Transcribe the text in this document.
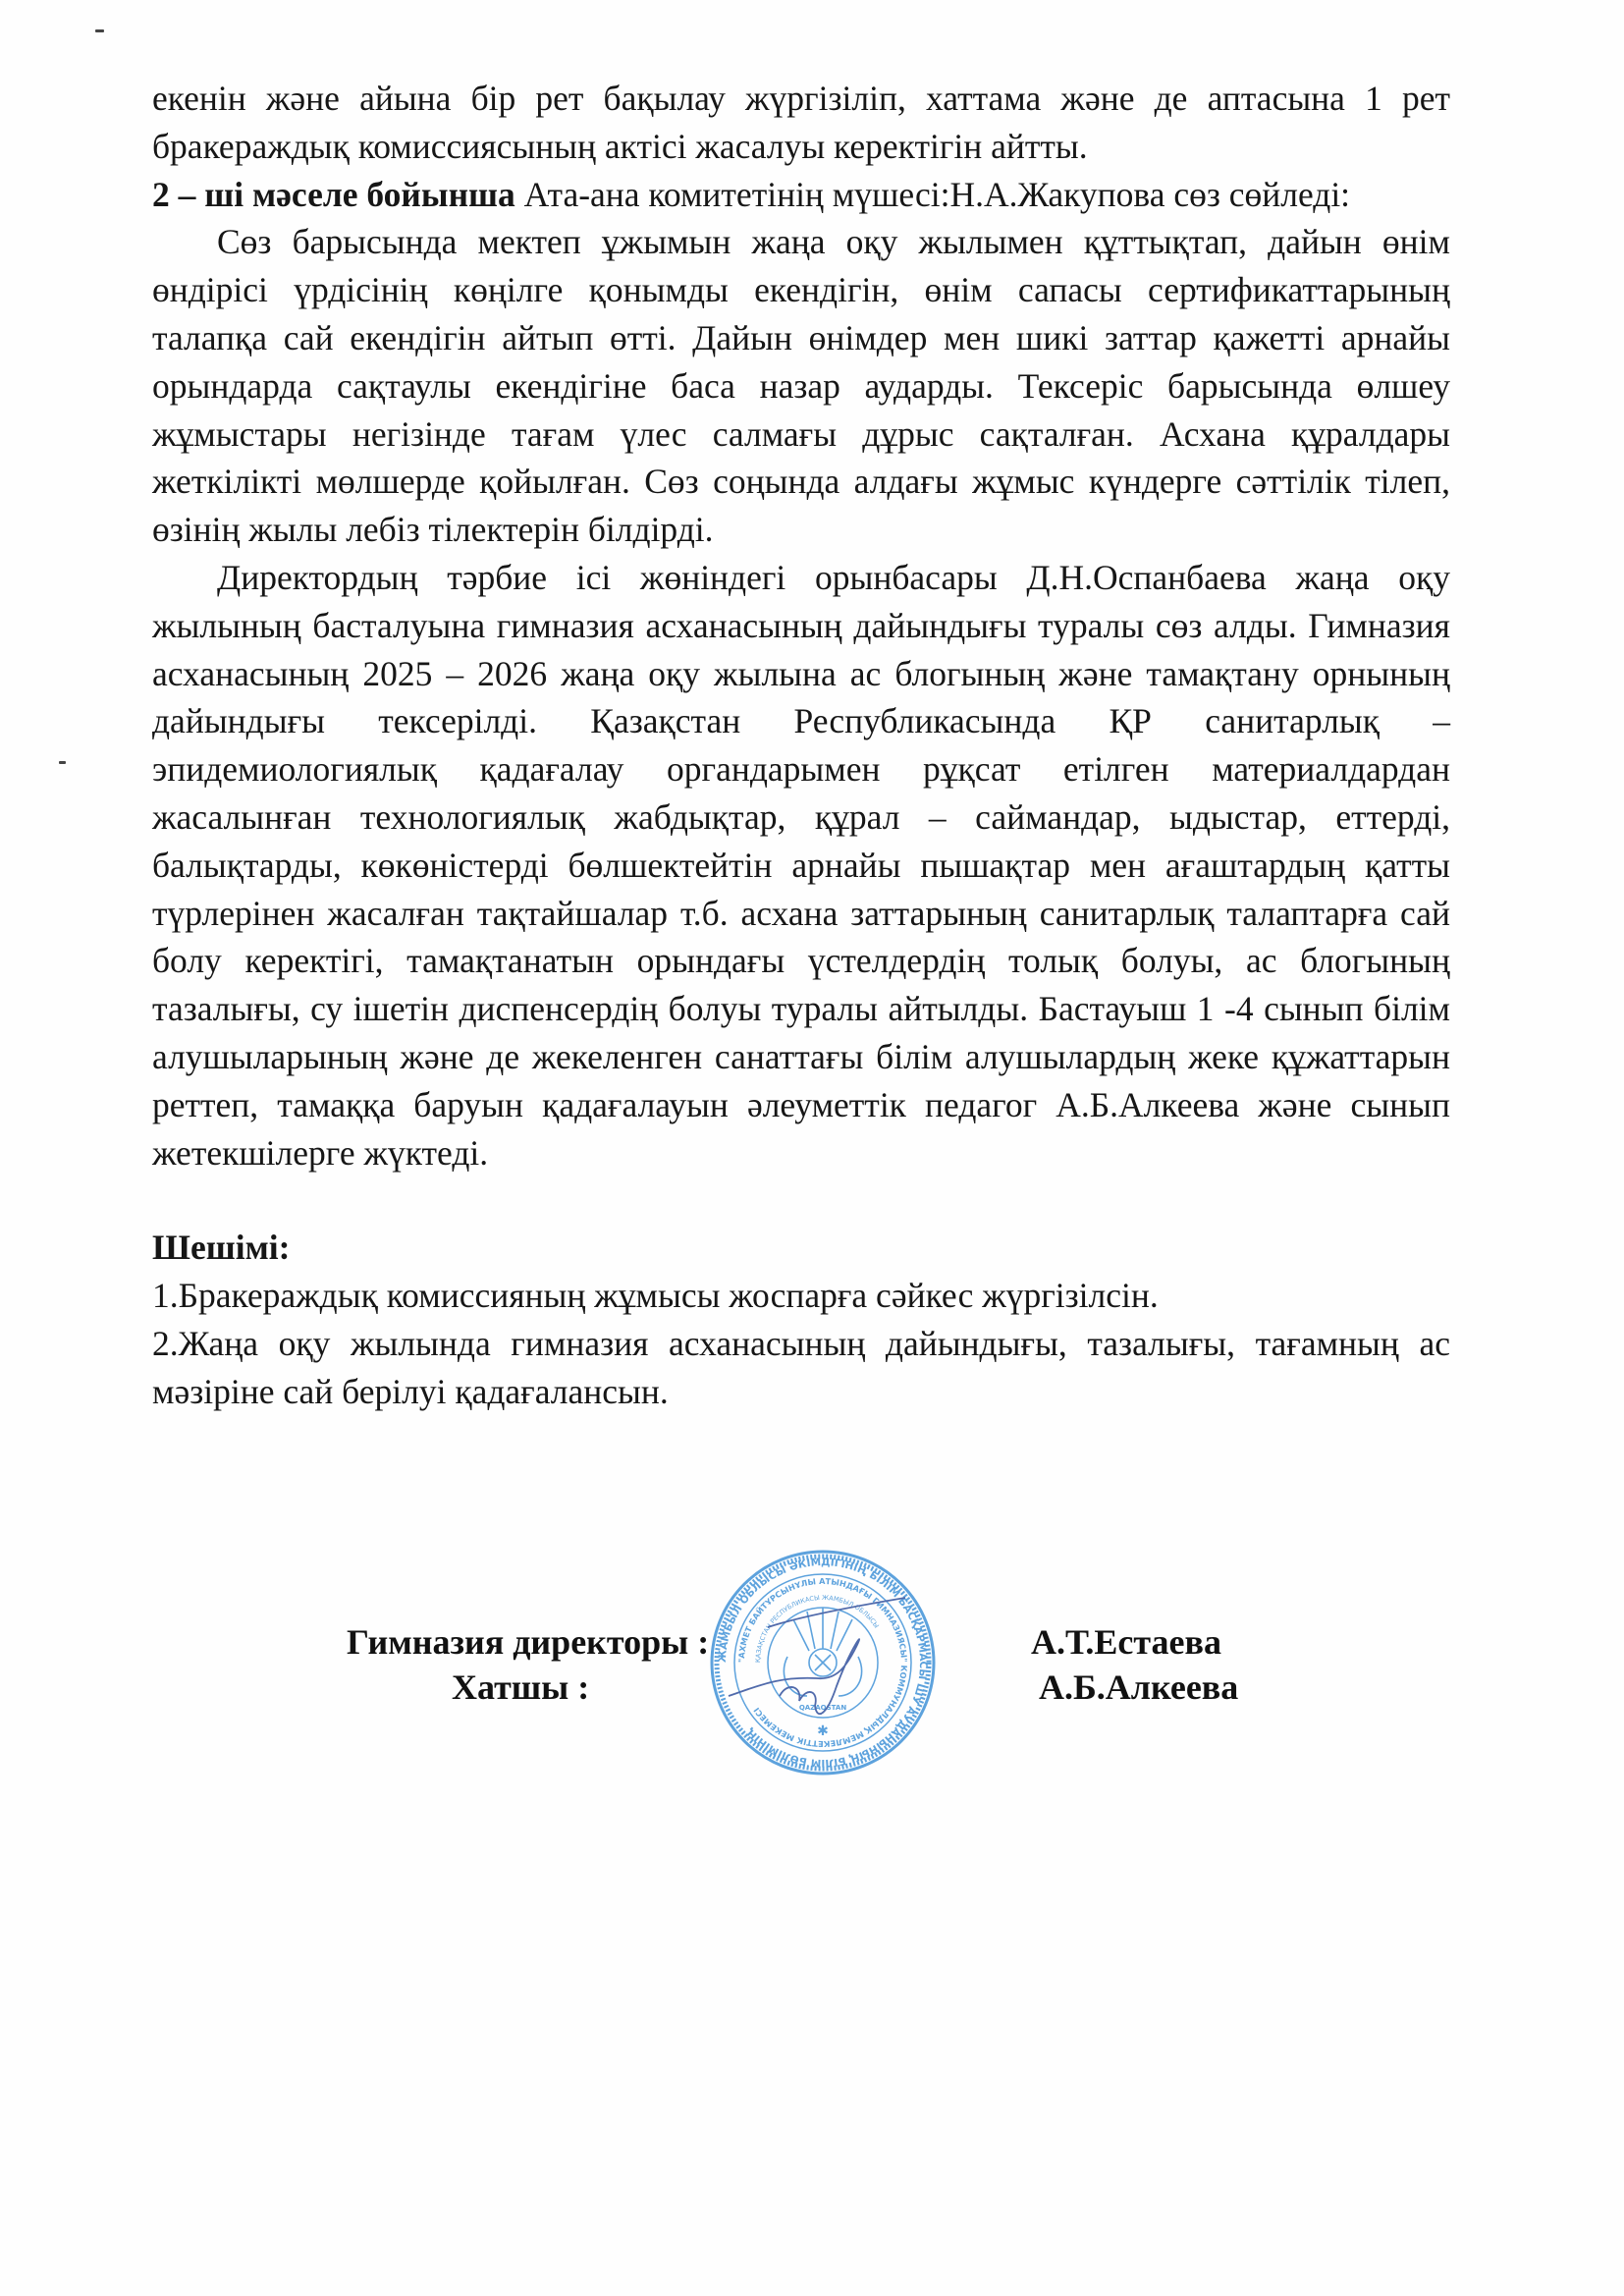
екенін және айына бір рет бақылау жүргізіліп, хаттама және де аптасына 1 рет бракераждық комиссиясының актісі жасалуы керектігін айтты.

2 – ші мәселе бойынша Ата-ана комитетінің мүшесі:Н.А.Жакупова сөз сөйледі:

Сөз барысында мектеп ұжымын жаңа оқу жылымен құттықтап, дайын өнім өндірісі үрдісінің көңілге қонымды екендігін, өнім сапасы сертификаттарының талапқа сай екендігін айтып өтті. Дайын өнімдер мен шикі заттар қажетті арнайы орындарда сақтаулы екендігіне баса назар аударды. Тексеріс барысында өлшеу жұмыстары негізінде тағам үлес салмағы дұрыс сақталған. Асхана құралдары жеткілікті мөлшерде қойылған. Сөз соңында алдағы жұмыс күндерге сәттілік тілеп, өзінің жылы лебіз тілектерін білдірді.

Директордың тәрбие ісі жөніндегі орынбасары Д.Н.Оспанбаева жаңа оқу жылының басталуына гимназия асханасының дайындығы туралы сөз алды. Гимназия асханасының 2025 – 2026 жаңа оқу жылына ас блогының және тамақтану орнының дайындығы тексерілді. Қазақстан Республикасында ҚР санитарлық – эпидемиологиялық қадағалау органдарымен рұқсат етілген материалдардан жасалынған технологиялық жабдықтар, құрал – саймандар, ыдыстар, еттерді, балықтарды, көкөністерді бөлшектейтін арнайы пышақтар мен ағаштардың қатты түрлерінен жасалған тақтайшалар т.б. асхана заттарының санитарлық талаптарға сай болу керектігі, тамақтанатын орындағы үстелдердің толық болуы, ас блогының тазалығы, су ішетін диспенсердің болуы туралы айтылды. Бастауыш 1 -4 сынып білім алушыларының және де жекеленген санаттағы білім алушылардың жеке құжаттарын реттеп, тамаққа баруын қадағалауын әлеуметтік педагог А.Б.Алкеева және сынып жетекшілерге жүктеді.

Шешімі:

1.Бракераждық комиссияның жұмысы жоспарға сәйкес жүргізілсін.

2.Жаңа оқу жылында гимназия асханасының дайындығы, тазалығы, тағамның ас мәзіріне сай берілуі қадағалансын.

ЖАМБЫЛ ОБЛЫСЫ ӘКІМДІГІНІҢ БІЛІМ БАСҚАРМАСЫ ШУ АУДАНЫНЫҢ БІЛІМ БӨЛІМІНІҢ
"АХМЕТ БАЙТҰРСЫНҰЛЫ АТЫНДАҒЫ ГИМНАЗИЯСЫ" КОММУНАЛДЫҚ МЕМЛЕКЕТТІК МЕКЕМЕСІ
ҚАЗАҚСТАН РЕСПУБЛИКАСЫ ЖАМБЫЛ ОБЛЫСЫ
QAZAQSTAN
✱
Гимназия директоры :	А.Т.Естаева
Хатшы :	А.Б.Алкеева
